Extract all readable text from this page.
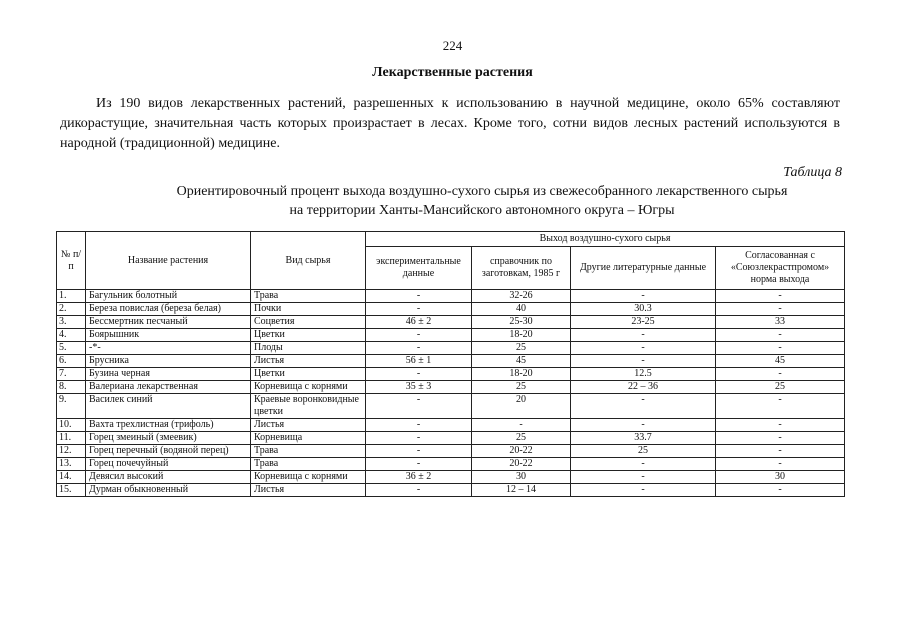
224
Лекарственные растения
Из 190 видов лекарственных растений, разрешенных к использованию в научной медицине, около 65% составляют дикорастущие, значительная часть которых произрастает в лесах. Кроме того, сотни видов лесных растений используются в народной (традиционной) медицине.
Таблица 8
Ориентировочный процент выхода воздушно-сухого сырья из свежесобранного лекарственного сырья
на территории Ханты-Мансийского автономного округа – Югры
№ п/п	Название растения	Вид сырья	Выход воздушно-сухого сырья			
			экспериментальные данные	справочник по заготовкам, 1985 г	Другие литературные данные	Согласованная с «Союзлекрастпромом» норма выхода
1.	Багульник болотный	Трава	-	32-26	-	-
2.	Береза повислая (береза белая)	Почки	-	40	30.3	-
3.	Бессмертник песчаный	Соцветия	46 ± 2	25-30	23-25	33
4.	Боярышник	Цветки	-	18-20	-	-
5.	-*-	Плоды	-	25	-	-
6.	Брусника	Листья	56 ± 1	45	-	45
7.	Бузина черная	Цветки	-	18-20	12.5	-
8.	Валериана лекарственная	Корневища с корнями	35 ± 3	25	22 – 36	25
9.	Василек синий	Краевые воронковидные цветки	-	20	-	-
10.	Вахта трехлистная (трифоль)	Листья	-	-	-	-
11.	Горец змеиный (змеевик)	Корневища	-	25	33.7	-
12.	Горец перечный (водяной перец)	Трава	-	20-22	25	-
13.	Горец почечуйный	Трава	-	20-22	-	-
14.	Девясил высокий	Корневища с корнями	36 ± 2	30	-	30
15.	Дурман обыкновенный	Листья	-	12 – 14	-	-
